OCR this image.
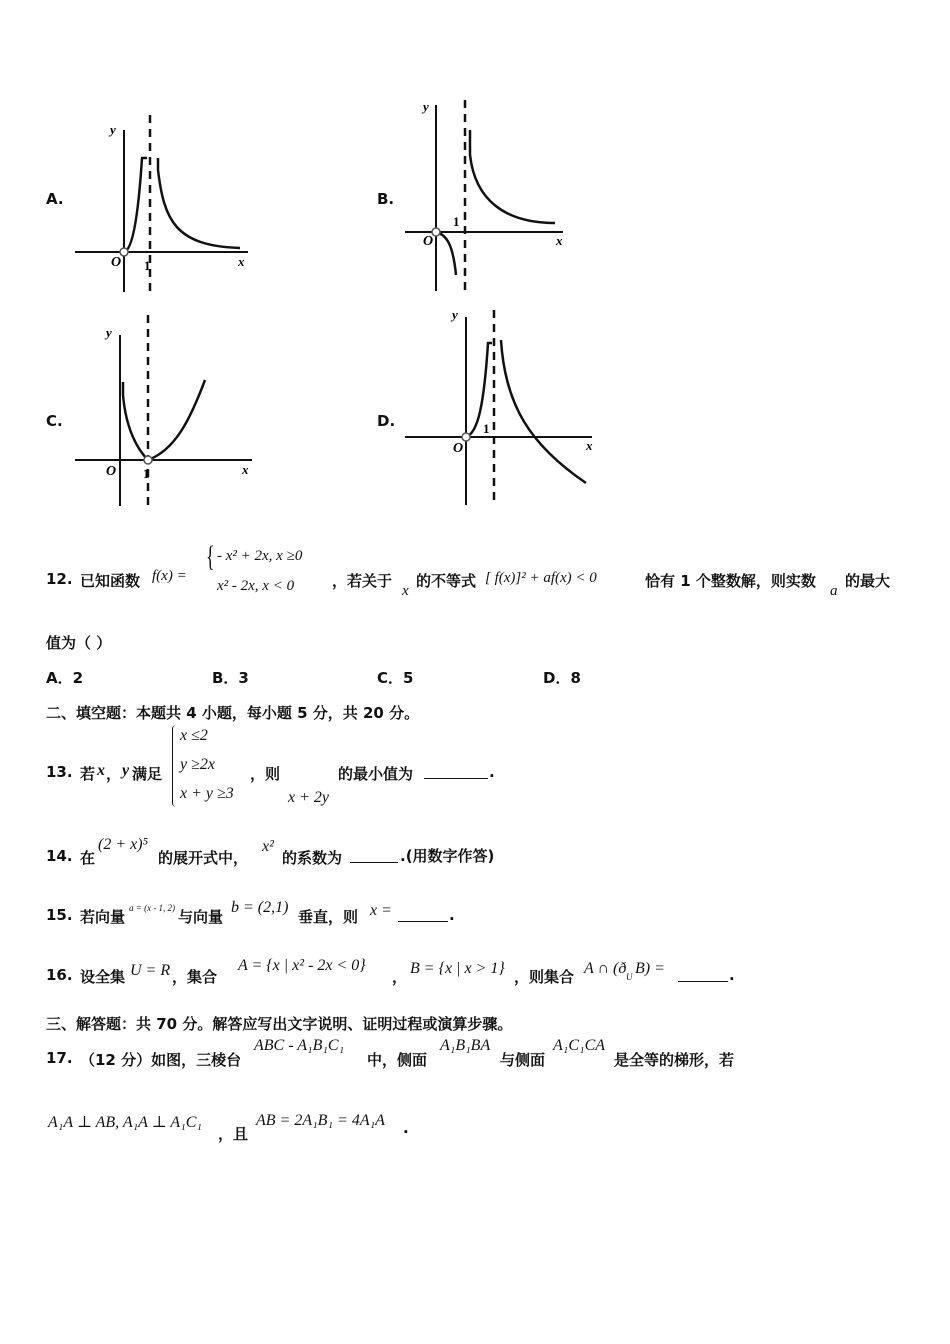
A.	B.
C.	D.
y
x
O 1
y
x
O
1
y
x
O 1
y
x
O
1
12. 已知函数 f(x) =
{ - x² + 2x, x ≥0
x² - 2x, x < 0	，若关于
x
的不等式 [ f(x)]² + af(x) < 0	恰有 1 个整数解，则实数
a
的最大
值为（ ）
A．2	B．3	C．5	D．8
二、填空题：本题共 4 小题，每小题 5 分，共 20 分。
13. 若 x ， y 满足
x ≤2
y ≥2x
x + y ≥3
，则
x + 2y
的最小值为	.
14. 在
(2 + x)⁵
的展开式中，
x²
的系数为	.(用数字作答)
15. 若向量 a = (x - 1, 2) 与向量
b = (2,1)
垂直，则 x =	.
16. 设全集 U = R ，集合
A = {x | x² - 2x < 0}
， B = {x | x > 1} ，则集合 A ∩ (ð U B) =	.
三、解答题：共 70 分。解答应写出文字说明、证明过程或演算步骤。
17. （12 分）如图，三棱台
ABC - A₁B₁C₁
中，侧面
A₁B₁BA
与侧面
A₁C₁CA
是全等的梯形，若
A₁A ⊥ AB, A₁A ⊥ A₁C₁
，且
AB = 2A₁B₁ = 4A₁A .
